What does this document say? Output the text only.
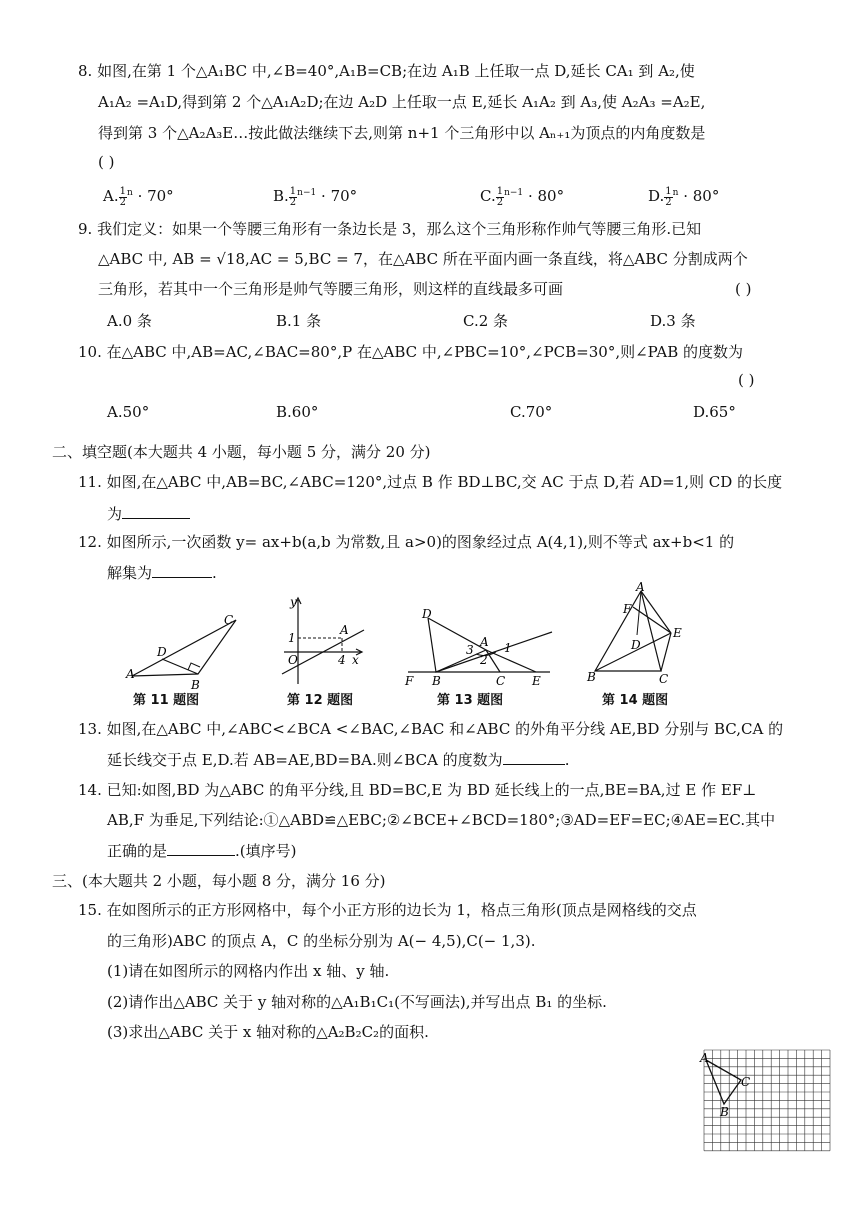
8. 如图,在第 1 个△A₁BC 中,∠B=40°,A₁B=CB;在边 A₁B 上任取一点 D,延长 CA₁ 到 A₂,使
A₁A₂ =A₁D,得到第 2 个△A₁A₂D;在边 A₂D 上任取一点 E,延长 A₁A₂ 到 A₃,使 A₂A₃ =A₂E,
得到第 3 个△A₂A₃E…按此做法继续下去,则第 n+1 个三角形中以 Aₙ₊₁为顶点的内角度数是
( )
A. $\frac{1}{2} ^n \cdot 70^\circ$	B. $\frac{1}{2} ^{n-1} \cdot 70^\circ$	C. $\frac{1}{2} ^{n-1} \cdot 80^\circ$	D. $\frac{1}{2} ^n \cdot 80^\circ$
9. 我们定义：如果一个等腰三角形有一条边长是 3，那么这个三角形称作帅气等腰三角形.已知
△ABC 中, AB = √18,AC = 5,BC = 7，在△ABC 所在平面内画一条直线，将△ABC 分割成两个
三角形，若其中一个三角形是帅气等腰三角形，则这样的直线最多可画	( )
A.0 条	B.1 条	C.2 条	D.3 条
10. 在△ABC 中,AB=AC,∠BAC=80°,P 在△ABC 中,∠PBC=10°,∠PCB=30°,则∠PAB 的度数为
( )
A.50°	B.60°	C.70°	D.65°
二、填空题(本大题共 4 小题，每小题 5 分，满分 20 分)
11. 如图,在△ABC 中,AB=BC,∠ABC=120°,过点 B 作 BD⊥BC,交 AC 于点 D,若 AD=1,则 CD 的长度
为
12. 如图所示,一次函数 y= ax+b(a,b 为常数,且 a>0)的图象经过点 A(4,1),则不等式 ax+b<1 的
解集为	.
A
B
C
D
第 11 题图
y
x
O
1
4
A
第 12 题图
D
A
F B	C E
1
2
3
第 13 题图
A
F
D
E
B	C
第 14 题图
13. 如图,在△ABC 中,∠ABC<∠BCA <∠BAC,∠BAC 和∠ABC 的外角平分线 AE,BD 分别与 BC,CA 的
延长线交于点 E,D.若 AB=AE,BD=BA.则∠BCA 的度数为	.
14. 已知:如图,BD 为△ABC 的角平分线,且 BD=BC,E 为 BD 延长线上的一点,BE=BA,过 E 作 EF⊥
AB,F 为垂足,下列结论:①△ABD≌△EBC;②∠BCE+∠BCD=180°;③AD=EF=EC;④AE=EC.其中
正确的是	.(填序号)
三、(本大题共 2 小题，每小题 8 分，满分 16 分)
15. 在如图所示的正方形网格中，每个小正方形的边长为 1，格点三角形(顶点是网格线的交点
的三角形)ABC 的顶点 A，C 的坐标分别为 A(− 4,5),C(− 1,3).
(1)请在如图所示的网格内作出 x 轴、y 轴.
(2)请作出△ABC 关于 y 轴对称的△A₁B₁C₁(不写画法),并写出点 B₁ 的坐标.
(3)求出△ABC 关于 x 轴对称的△A₂B₂C₂的面积.
A
C
B
